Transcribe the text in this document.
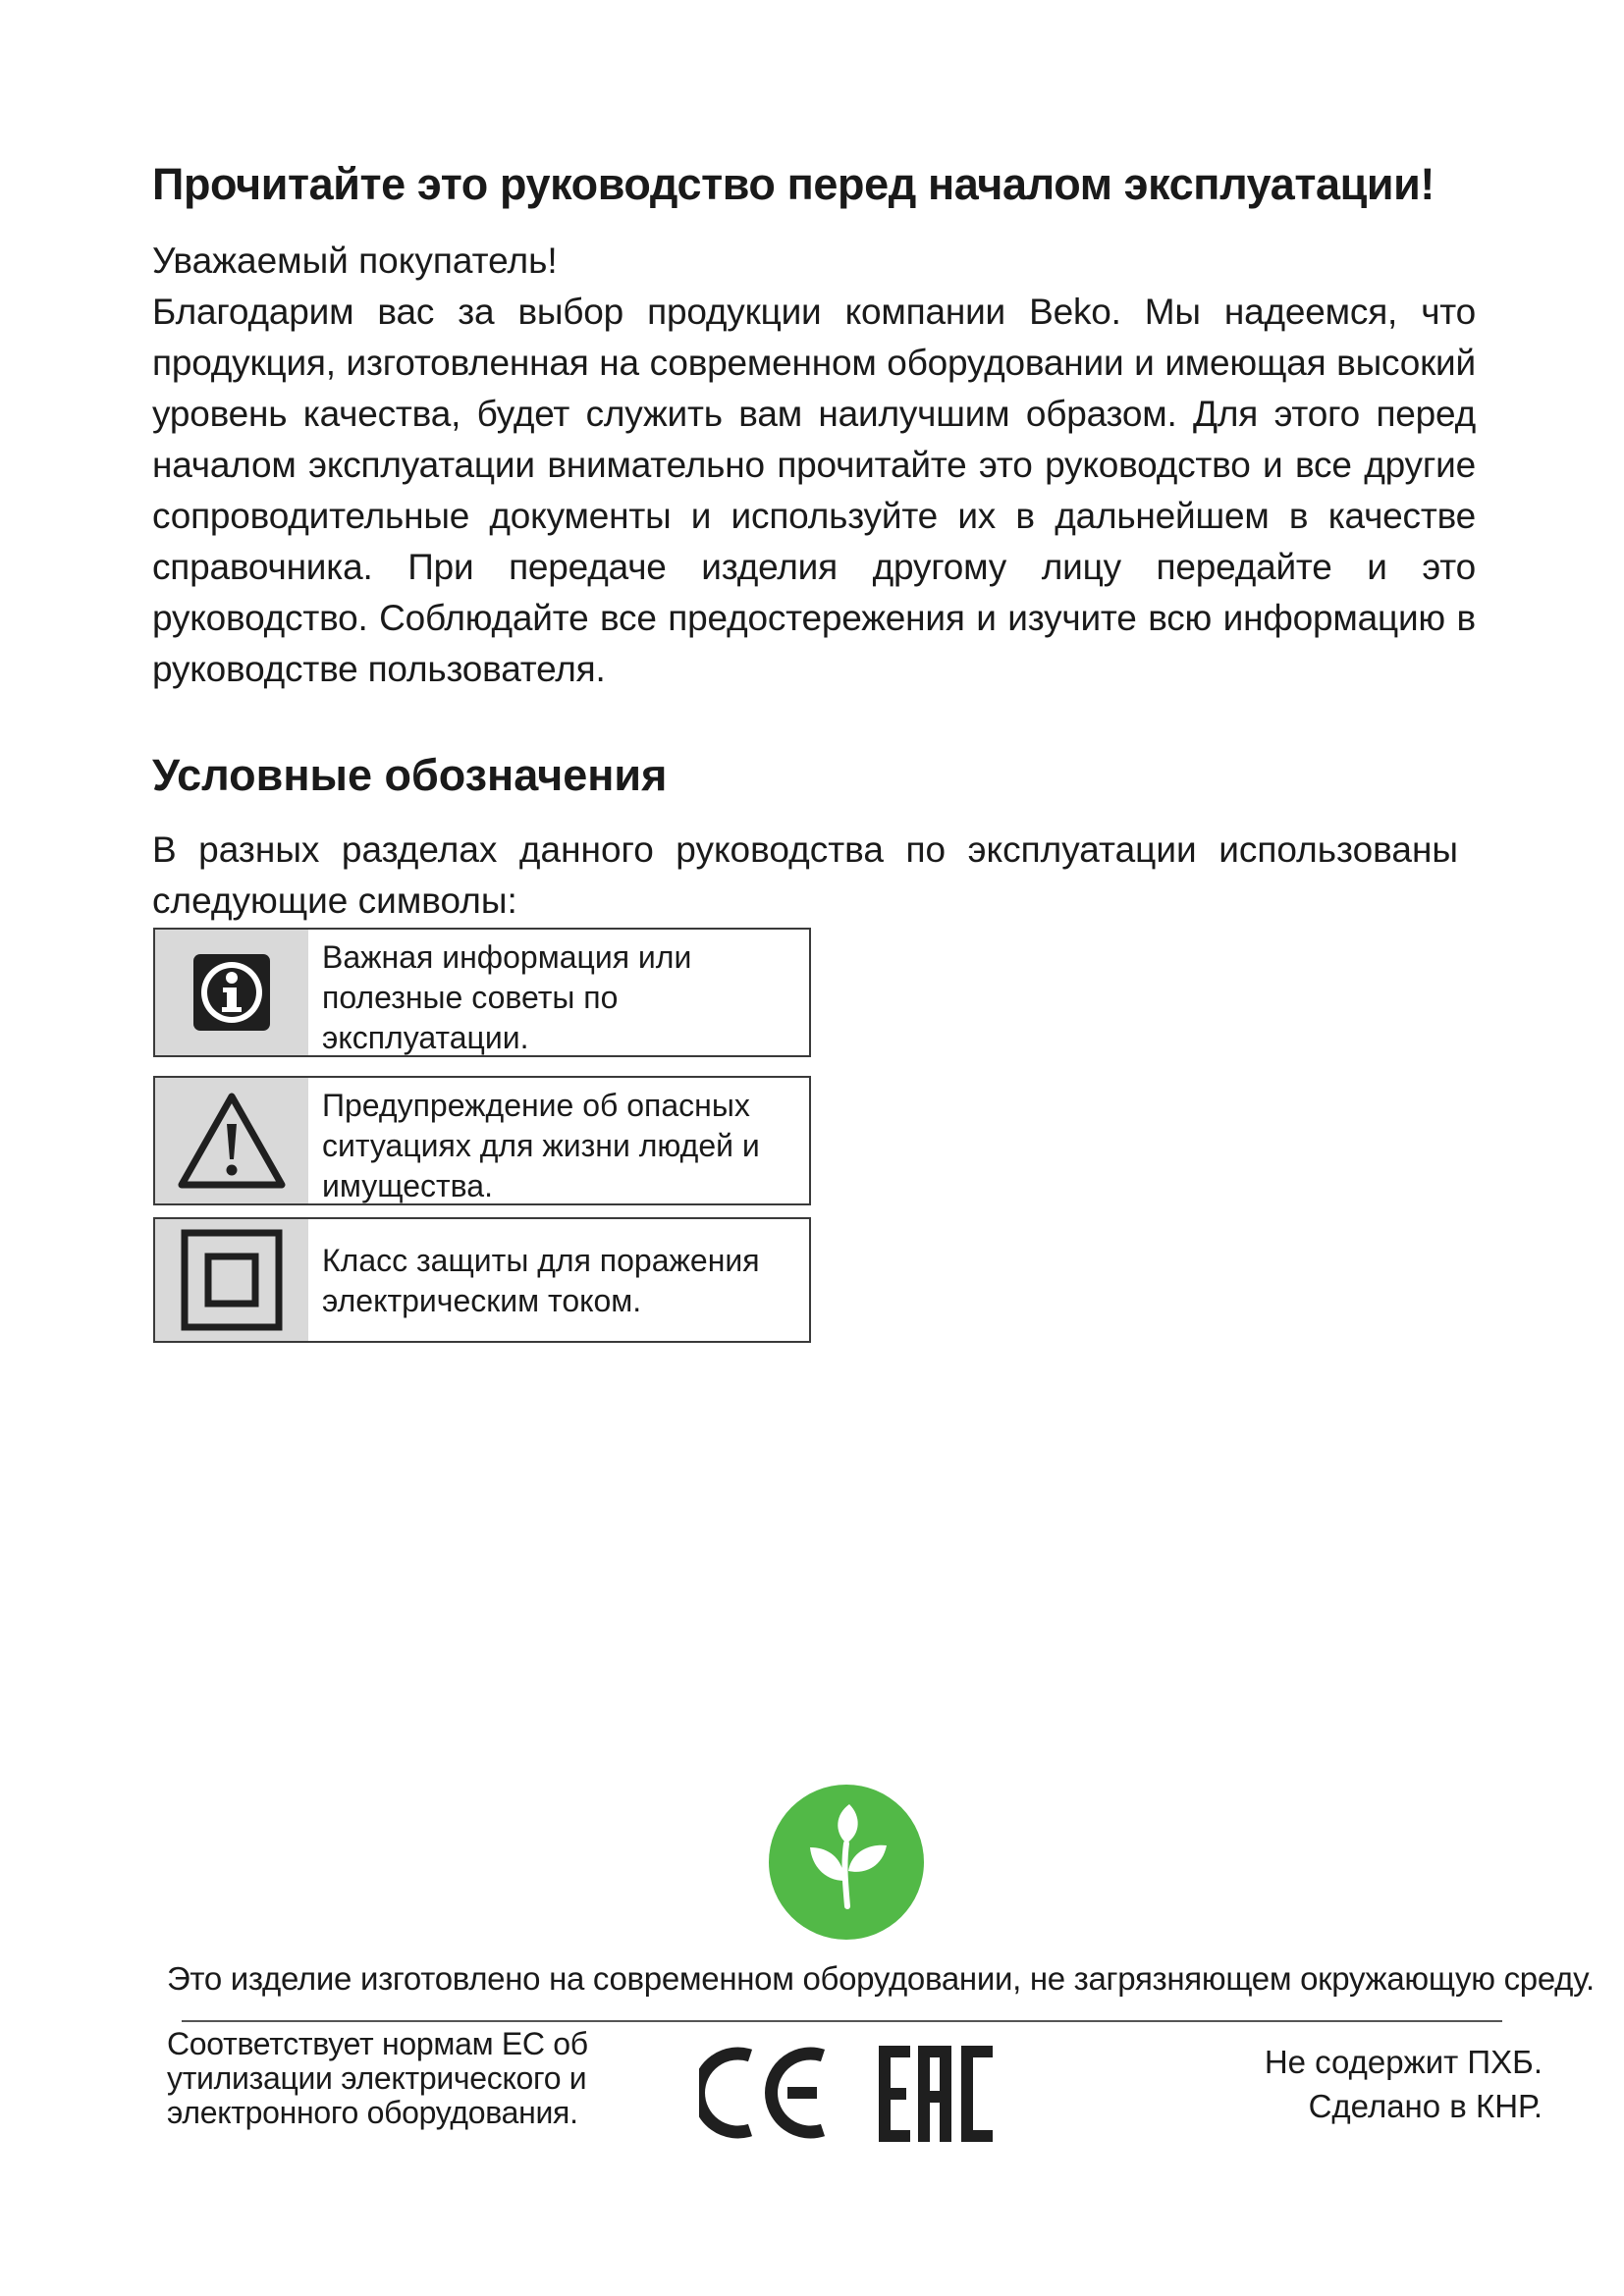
Прочитайте это руководство перед началом эксплуатации!

Уважаемый покупатель!

Благодарим вас за выбор продукции компании Beko. Мы надеемся, что продукция, изготовленная на современном оборудовании и имеющая высокий уровень качества, будет служить вам наилучшим образом. Для этого перед началом эксплуатации внимательно прочитайте это руководство и все другие сопроводительные документы и используйте их в дальнейшем в качестве справочника. При передаче изделия другому лицу передайте и это руководство. Соблюдайте все предостережения и изучите всю информацию в руководстве пользователя.

Условные обозначения

В разных разделах данного руководства по эксплуатации использованы следующие символы:

Важная информация или полезные советы по эксплуатации.
Предупреждение об опасных ситуациях для жизни людей и имущества.
Класс защиты для поражения электрическим током.

Это изделие изготовлено на современном оборудовании, не загрязняющем окружающую среду.

Соответствует нормам ЕС об утилизации электрического и электронного оборудования.

Не содержит ПХБ.
Сделано в КНР.
